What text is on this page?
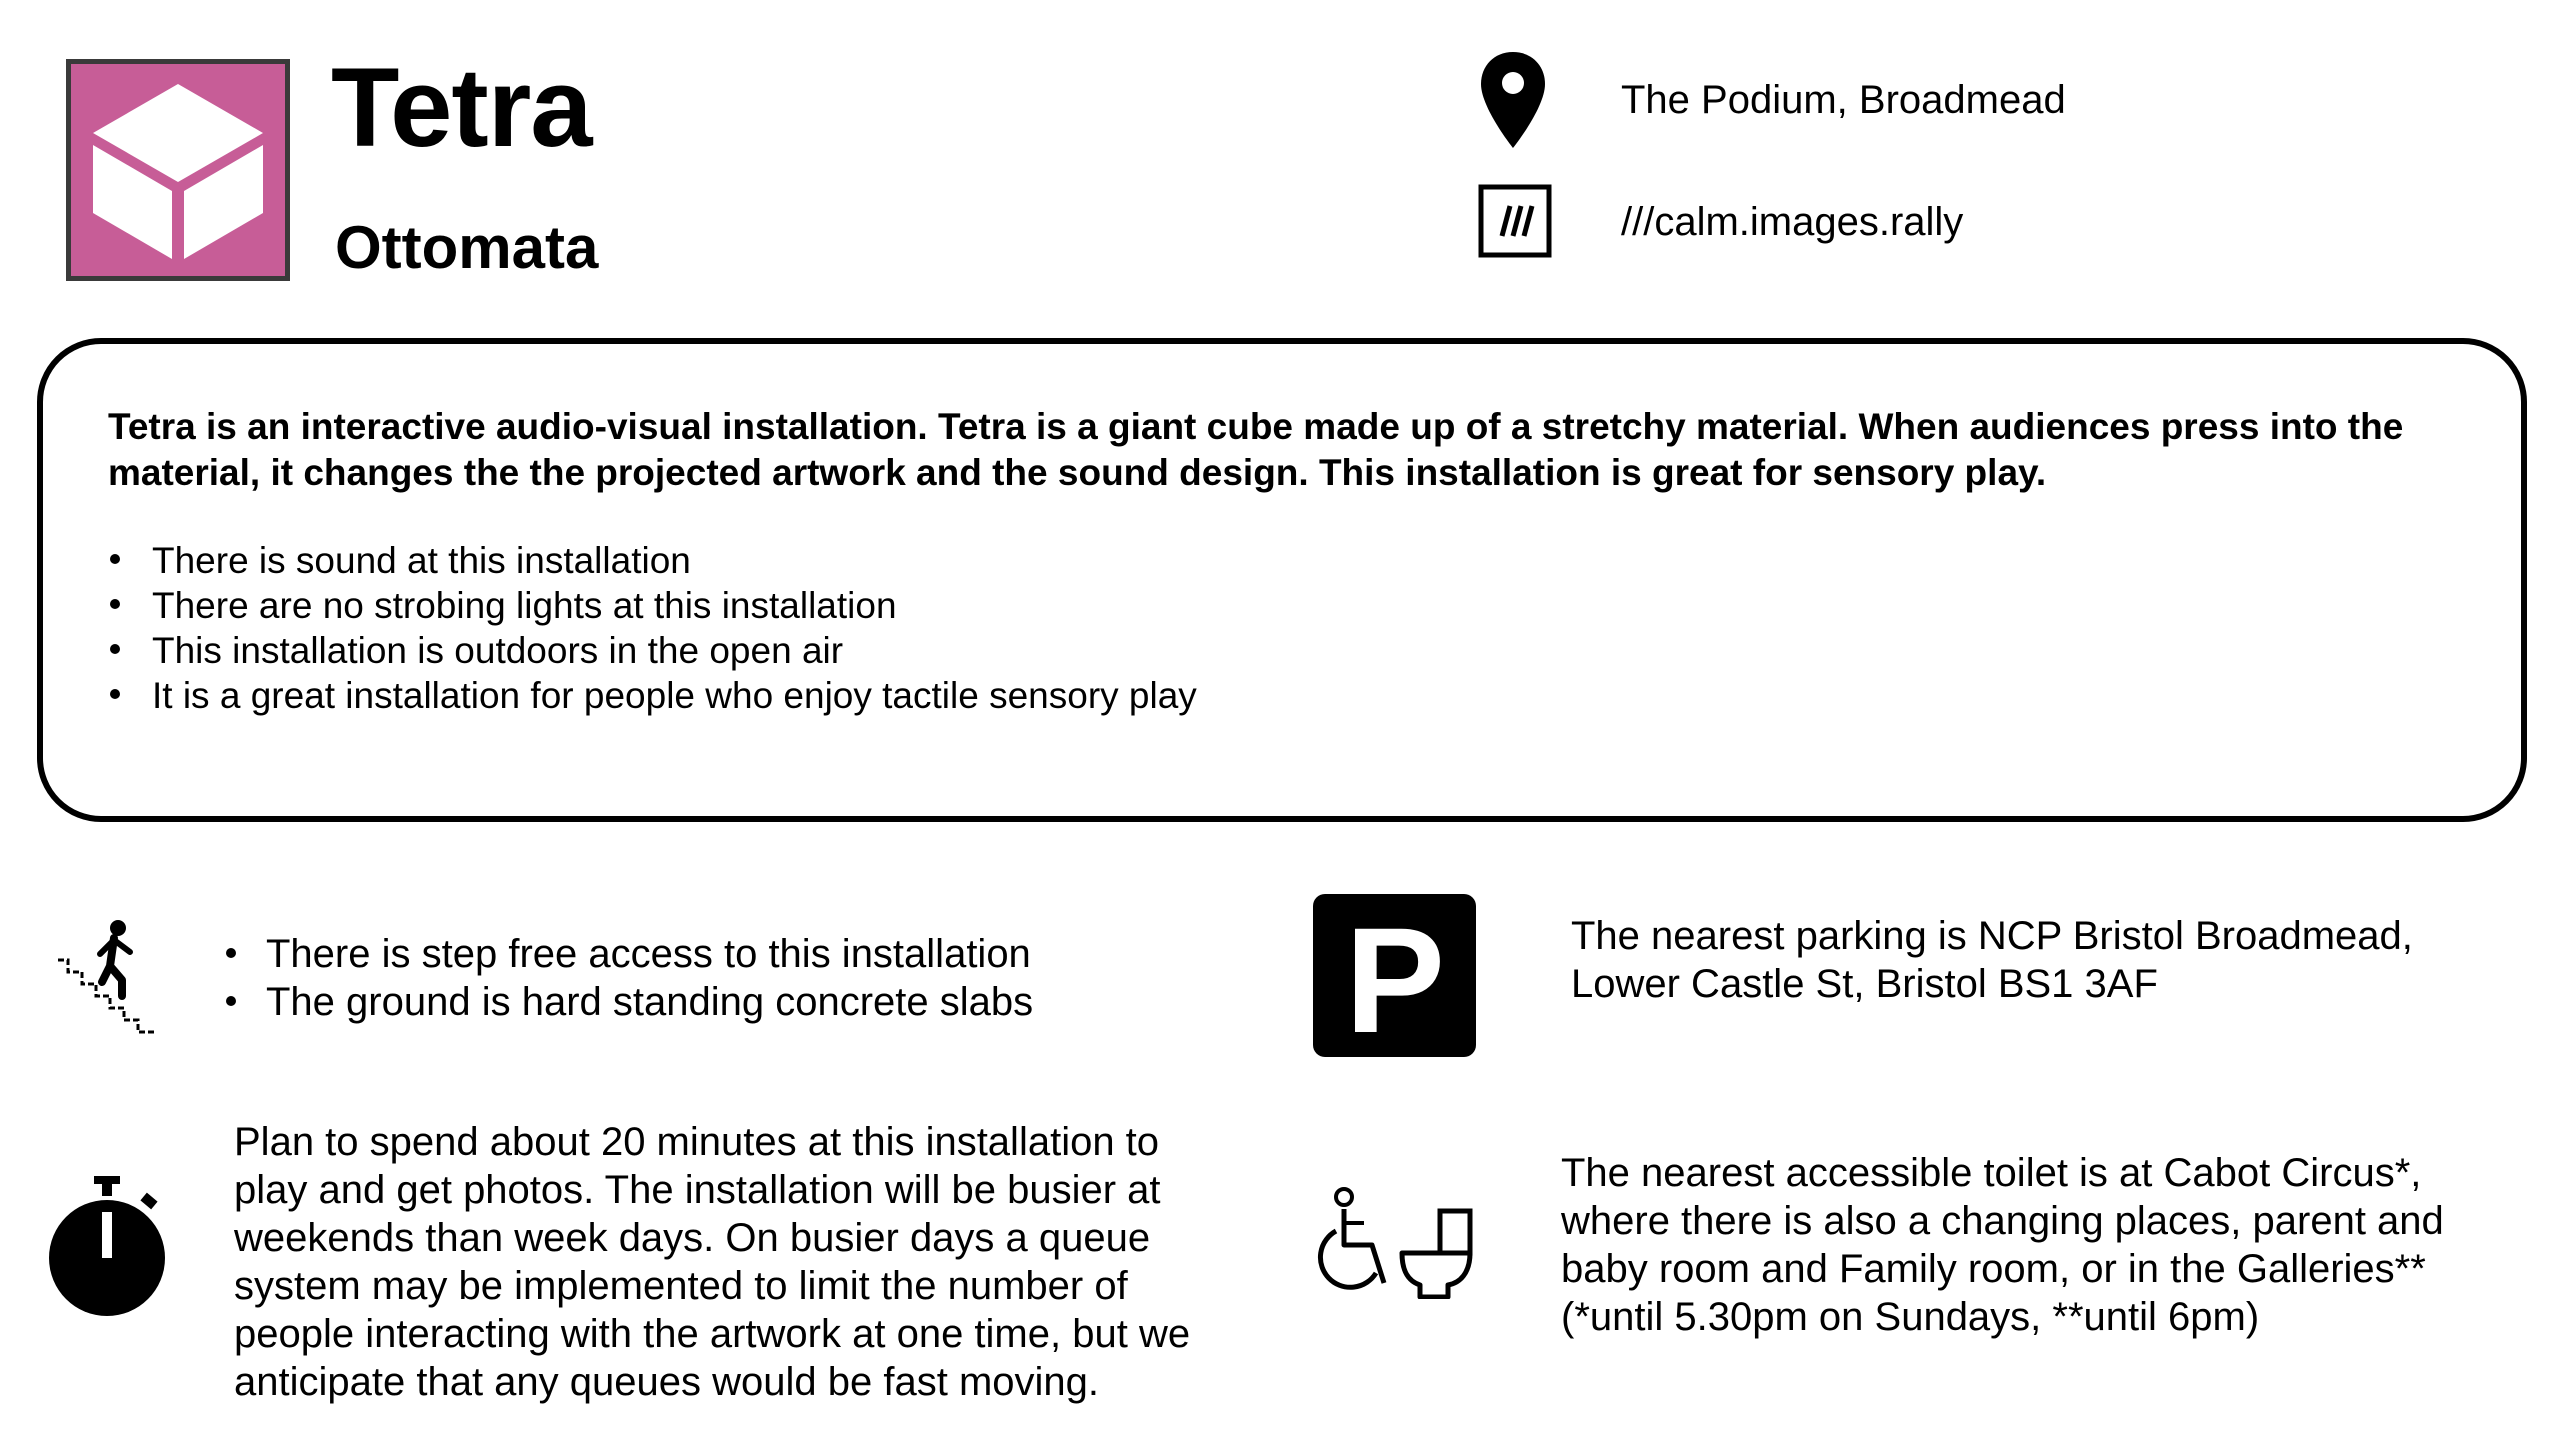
Tetra
Ottomata
The Podium, Broadmead
///calm.images.rally
Tetra is an interactive audio-visual installation. Tetra is a giant cube made up of a stretchy material. When audiences press into the material, it changes the the projected artwork and the sound design. This installation is great for sensory play.
There is sound at this installation
There are no strobing lights at this installation
This installation is outdoors in the open air
It is a great installation for people who enjoy tactile sensory play
There is step free access to this installation
The ground is hard standing concrete slabs P	The nearest parking is NCP Bristol Broadmead, Lower Castle St, Bristol BS1 3AF
Plan to spend about 20 minutes at this installation to play and get photos. The installation will be busier at weekends than week days. On busier days a queue system may be implemented to limit the number of people interacting with the artwork at one time, but we anticipate that any queues would be fast moving.
The nearest accessible toilet is at Cabot Circus*, where there is also a changing places, parent and baby room and Family room, or in the Galleries** (*until 5.30pm on Sundays, **until 6pm)
